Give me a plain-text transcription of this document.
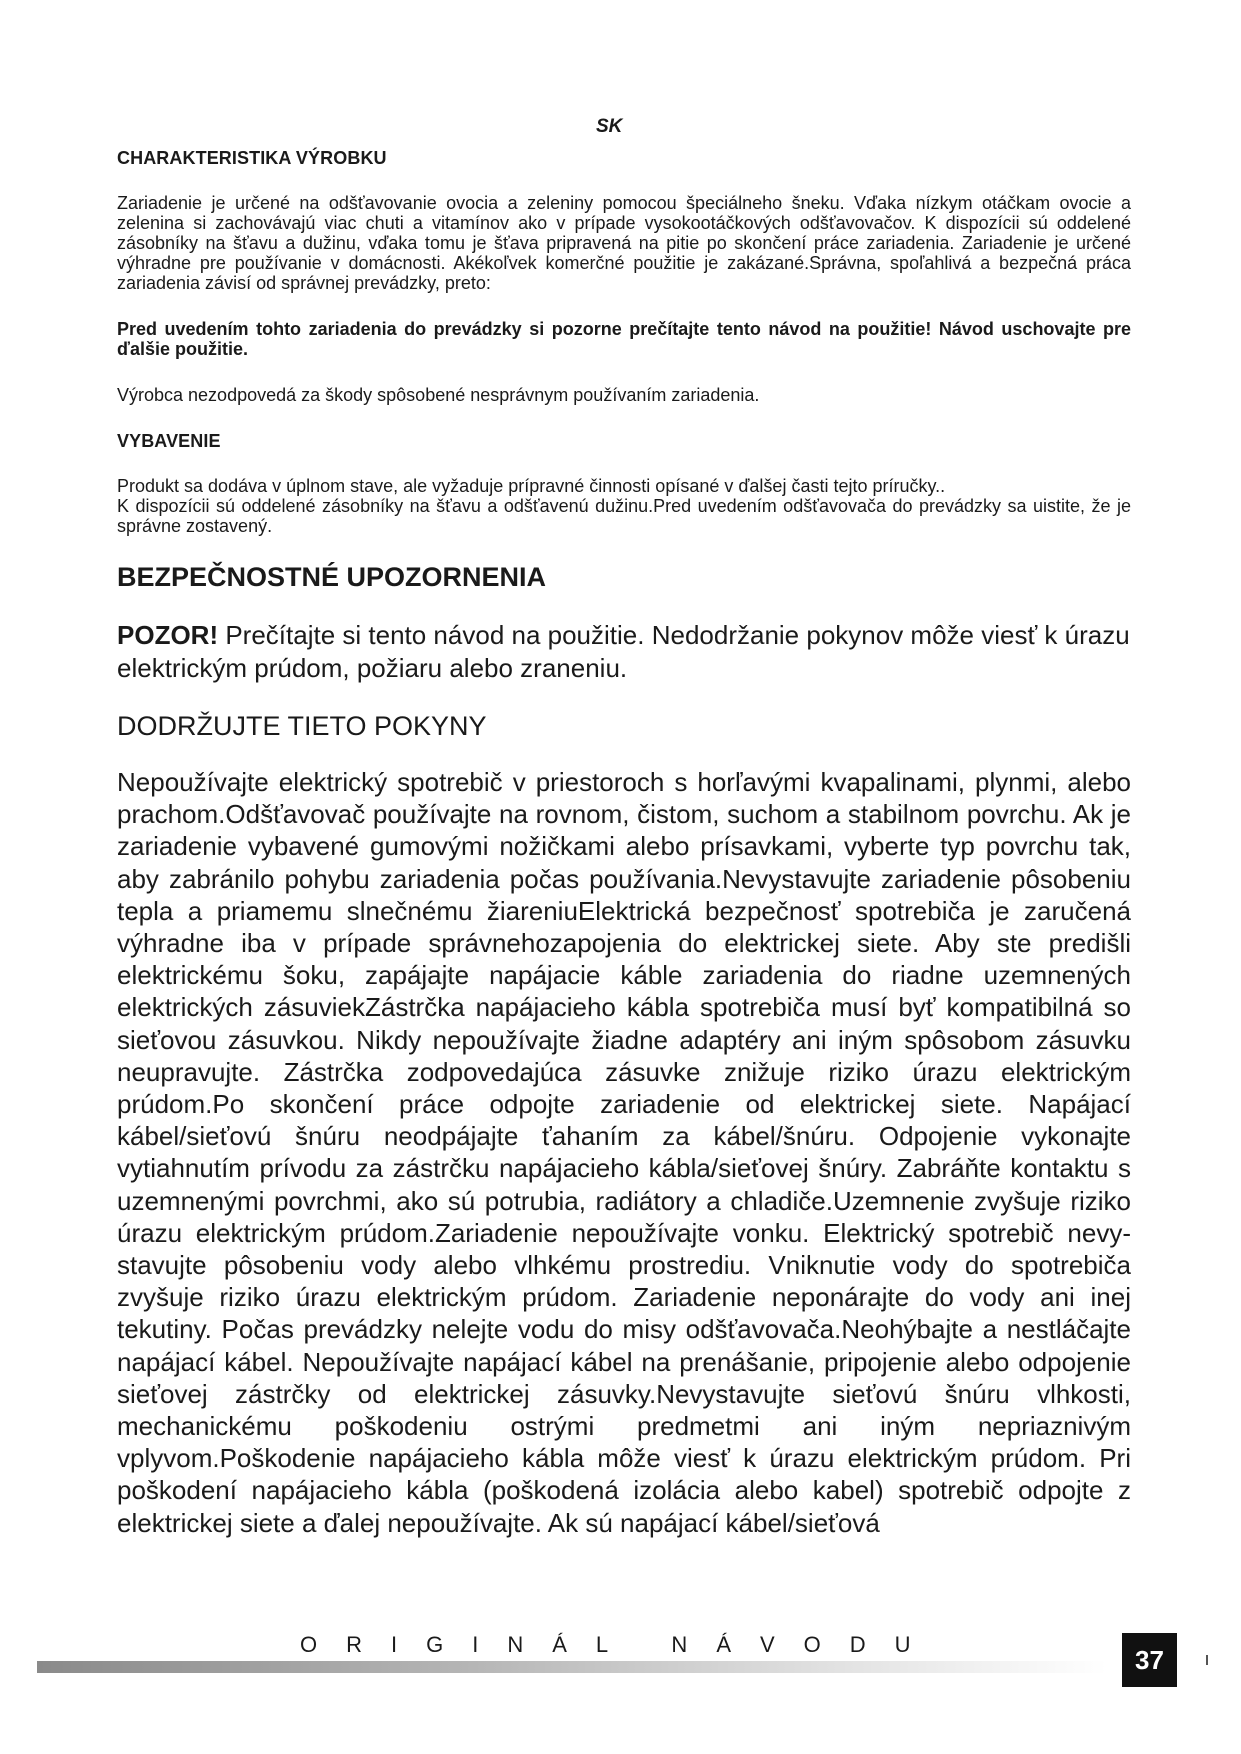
SK
CHARAKTERISTIKA VÝROBKU

Zariadenie je určené na odšťavovanie ovocia a zeleniny pomocou špeciálneho šneku. Vďaka nízkym otáčkam ovocie a zelenina si zachovávajú viac chuti a vitamínov ako v prípade vysokootáčkových odšťavovačov. K dispozícii sú oddelené zásobníky na šťavu a dužinu, vďaka tomu je šťava pripravená na pitie po skončení práce zariadenia. Zariadenie je určené výhradne pre používanie v domácnosti. Akékoľvek komerčné použitie je zakázané.Správna, spoľahlivá a bezpečná práca zariadenia závisí od správnej prevádzky, preto:

Pred uvedením tohto zariadenia do prevádzky si pozorne prečítajte tento návod na použitie! Návod uschovajte pre ďalšie použitie.

Výrobca nezodpovedá za škody spôsobené nesprávnym používaním zariadenia.

VYBAVENIE

Produkt sa dodáva v úplnom stave, ale vyžaduje prípravné činnosti opísané v ďalšej časti tejto príručky..

K dispozícii sú oddelené zásobníky na šťavu a odšťavenú dužinu.Pred uvedením odšťavovača do prevádzky sa uistite, že je správne zostavený.

BEZPEČNOSTNÉ UPOZORNENIA

POZOR! Prečítajte si tento návod na použitie. Nedodržanie pokynov môže viesť k úrazu elektrickým prúdom, požiaru alebo zraneniu.

DODRŽUJTE TIETO POKYNY

Nepoužívajte elektrický spotrebič v priestoroch s horľavými kvapalinami, plynmi, alebo prachom.Odšťavovač používajte na rovnom, čistom, suchom a stabilnom povrchu. Ak je zariadenie vybavené gumovými nožičkami alebo prísavkami, vyberte typ povrchu tak, aby zabránilo pohybu zariadenia počas používania.Nevystavujte zariadenie pôsobeniu tepla a priamemu slnečnému žiareniuElektrická bezpečnosť spotrebiča je zaručená výhradne iba v prípade správnehozapojenia do elektrickej siete. Aby ste predišli elektrickému šoku, zapájajte napájacie káble zariadenia do riadne uzemnených elektrických zásuviekZástrčka napájacieho kábla spotrebiča musí byť kompatibilná so sieťovou zásuvkou. Nikdy nepoužívajte žiadne adaptéry ani iným spôsobom zásuvku neupravujte. Zástrčka zodpovedajúca zásuvke znižuje riziko úrazu elektrickým prúdom.Po skončení práce odpojte zariadenie od elektrickej siete. Napájací kábel/sieťovú šnúru neodpájajte ťahaním za kábel/šnúru. Odpojenie vykonajte vytiahnutím prívodu za zástrčku napájacieho kábla/sieťovej šnúry. Zabráňte kontaktu s uzemnenými povrchmi, ako sú potrubia, radiátory a chladiče.Uzemnenie zvyšuje riziko úrazu elektrickým prúdom.Zariadenie nepoužívajte vonku. Elektrický spotrebič nevystavujte pôsobeniu vody alebo vlhkému prostrediu. Vniknutie vody do spotrebiča zvyšuje riziko úrazu elektrickým prúdom. Zariadenie neponárajte do vody ani inej tekutiny. Počas prevádzky nelejte vodu do misy odšťavovača.Neohýbajte a nestláčajte napájací kábel. Nepoužívajte napájací kábel na prenášanie, pripojenie alebo odpojenie sieťovej zástrčky od elektrickej zásuvky.Nevystavujte sieťovú šnúru vlhkosti, mechanickému poškodeniu ostrými predmetmi ani iným nepriaznivým vplyvom.Poškodenie napájacieho kábla môže viesť k úrazu elektrickým prúdom. Pri poškodení napájacieho kábla (poškodená izolácia alebo kabel) spotrebič odpojte z elektrickej siete a ďalej nepoužívajte. Ak sú napájací kábel/sieťová

ORIGINÁL NÁVODU	37
